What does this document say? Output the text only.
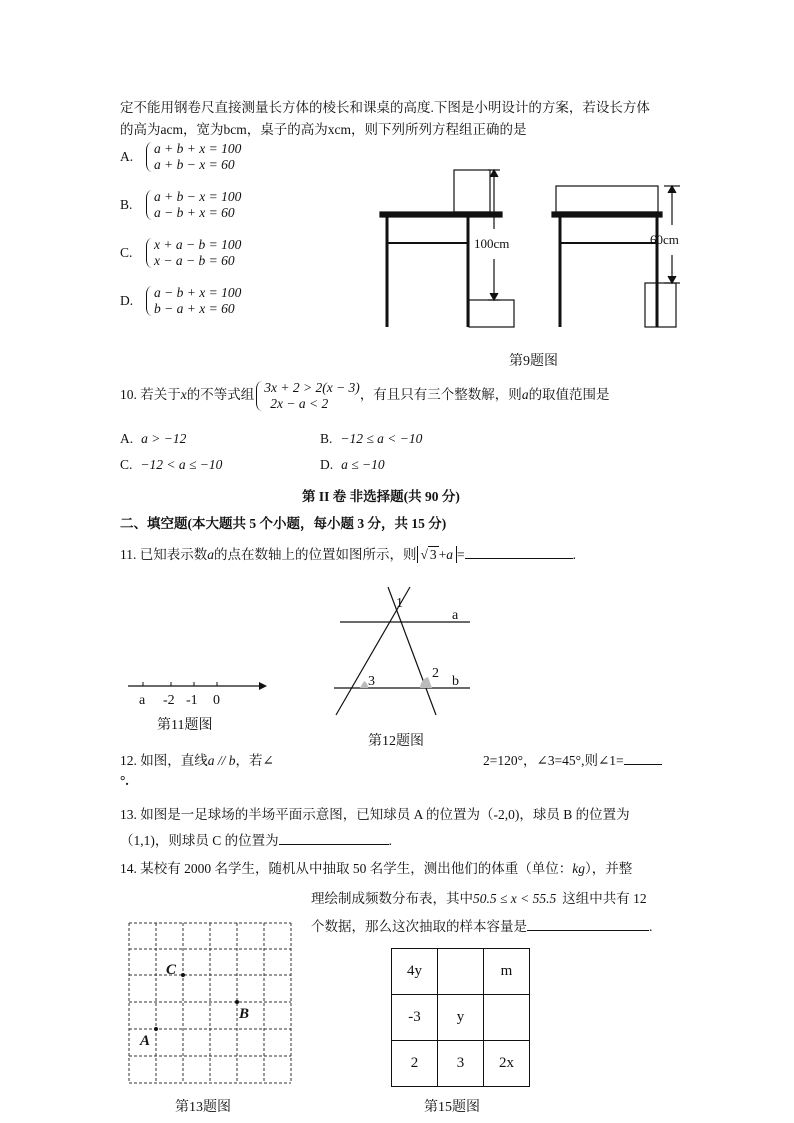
定不能用钢卷尺直接测量长方体的棱长和课桌的高度.下图是小明设计的方案，若设长方体
的高为acm，宽为bcm，桌子的高为xcm，则下列所列方程组正确的是
A.
a + b + x = 100
a + b − x = 60
B.
a + b − x = 100
a − b + x = 60
C.
x + a − b = 100
x − a − b = 60
D.
a − b + x = 100
b − a + x = 60
100cm	60cm
第9题图
10. 若关于x的不等式组 3x + 2 > 2(x − 3)
2x − a < 2
，有且只有三个整数解，则a的取值范围是
A. a > −12	B. −12 ≤ a < −10
C. −12 < a ≤ −10	D. a ≤ −10
第 II 卷 非选择题(共 90 分)
二、填空题(本大题共 5 个小题，每小题 3 分，共 15 分)
11. 已知表示数a的点在数轴上的位置如图所示，则 √ 3 +a =	.
a -2 -1 0
第11题图
1
2
3
a
b
第12题图
12. 如图，直线a // b，若∠	2=120°，∠3=45°,则∠1=
°.
13. 如图是一足球场的半场平面示意图，已知球员 A 的位置为（-2,0)，球员 B 的位置为
（1,1)，则球员 C 的位置为	.
14. 某校有 2000 名学生，随机从中抽取 50 名学生，测出他们的体重（单位：kg），并整
理绘制成频数分布表，其中50.5 ≤ x < 55.5 这组中共有 12
个数据，那么这次抽取的样本容量是	.
A
B
C
第13题图
4y		m
-3	y	
2	3	2x
第15题图
